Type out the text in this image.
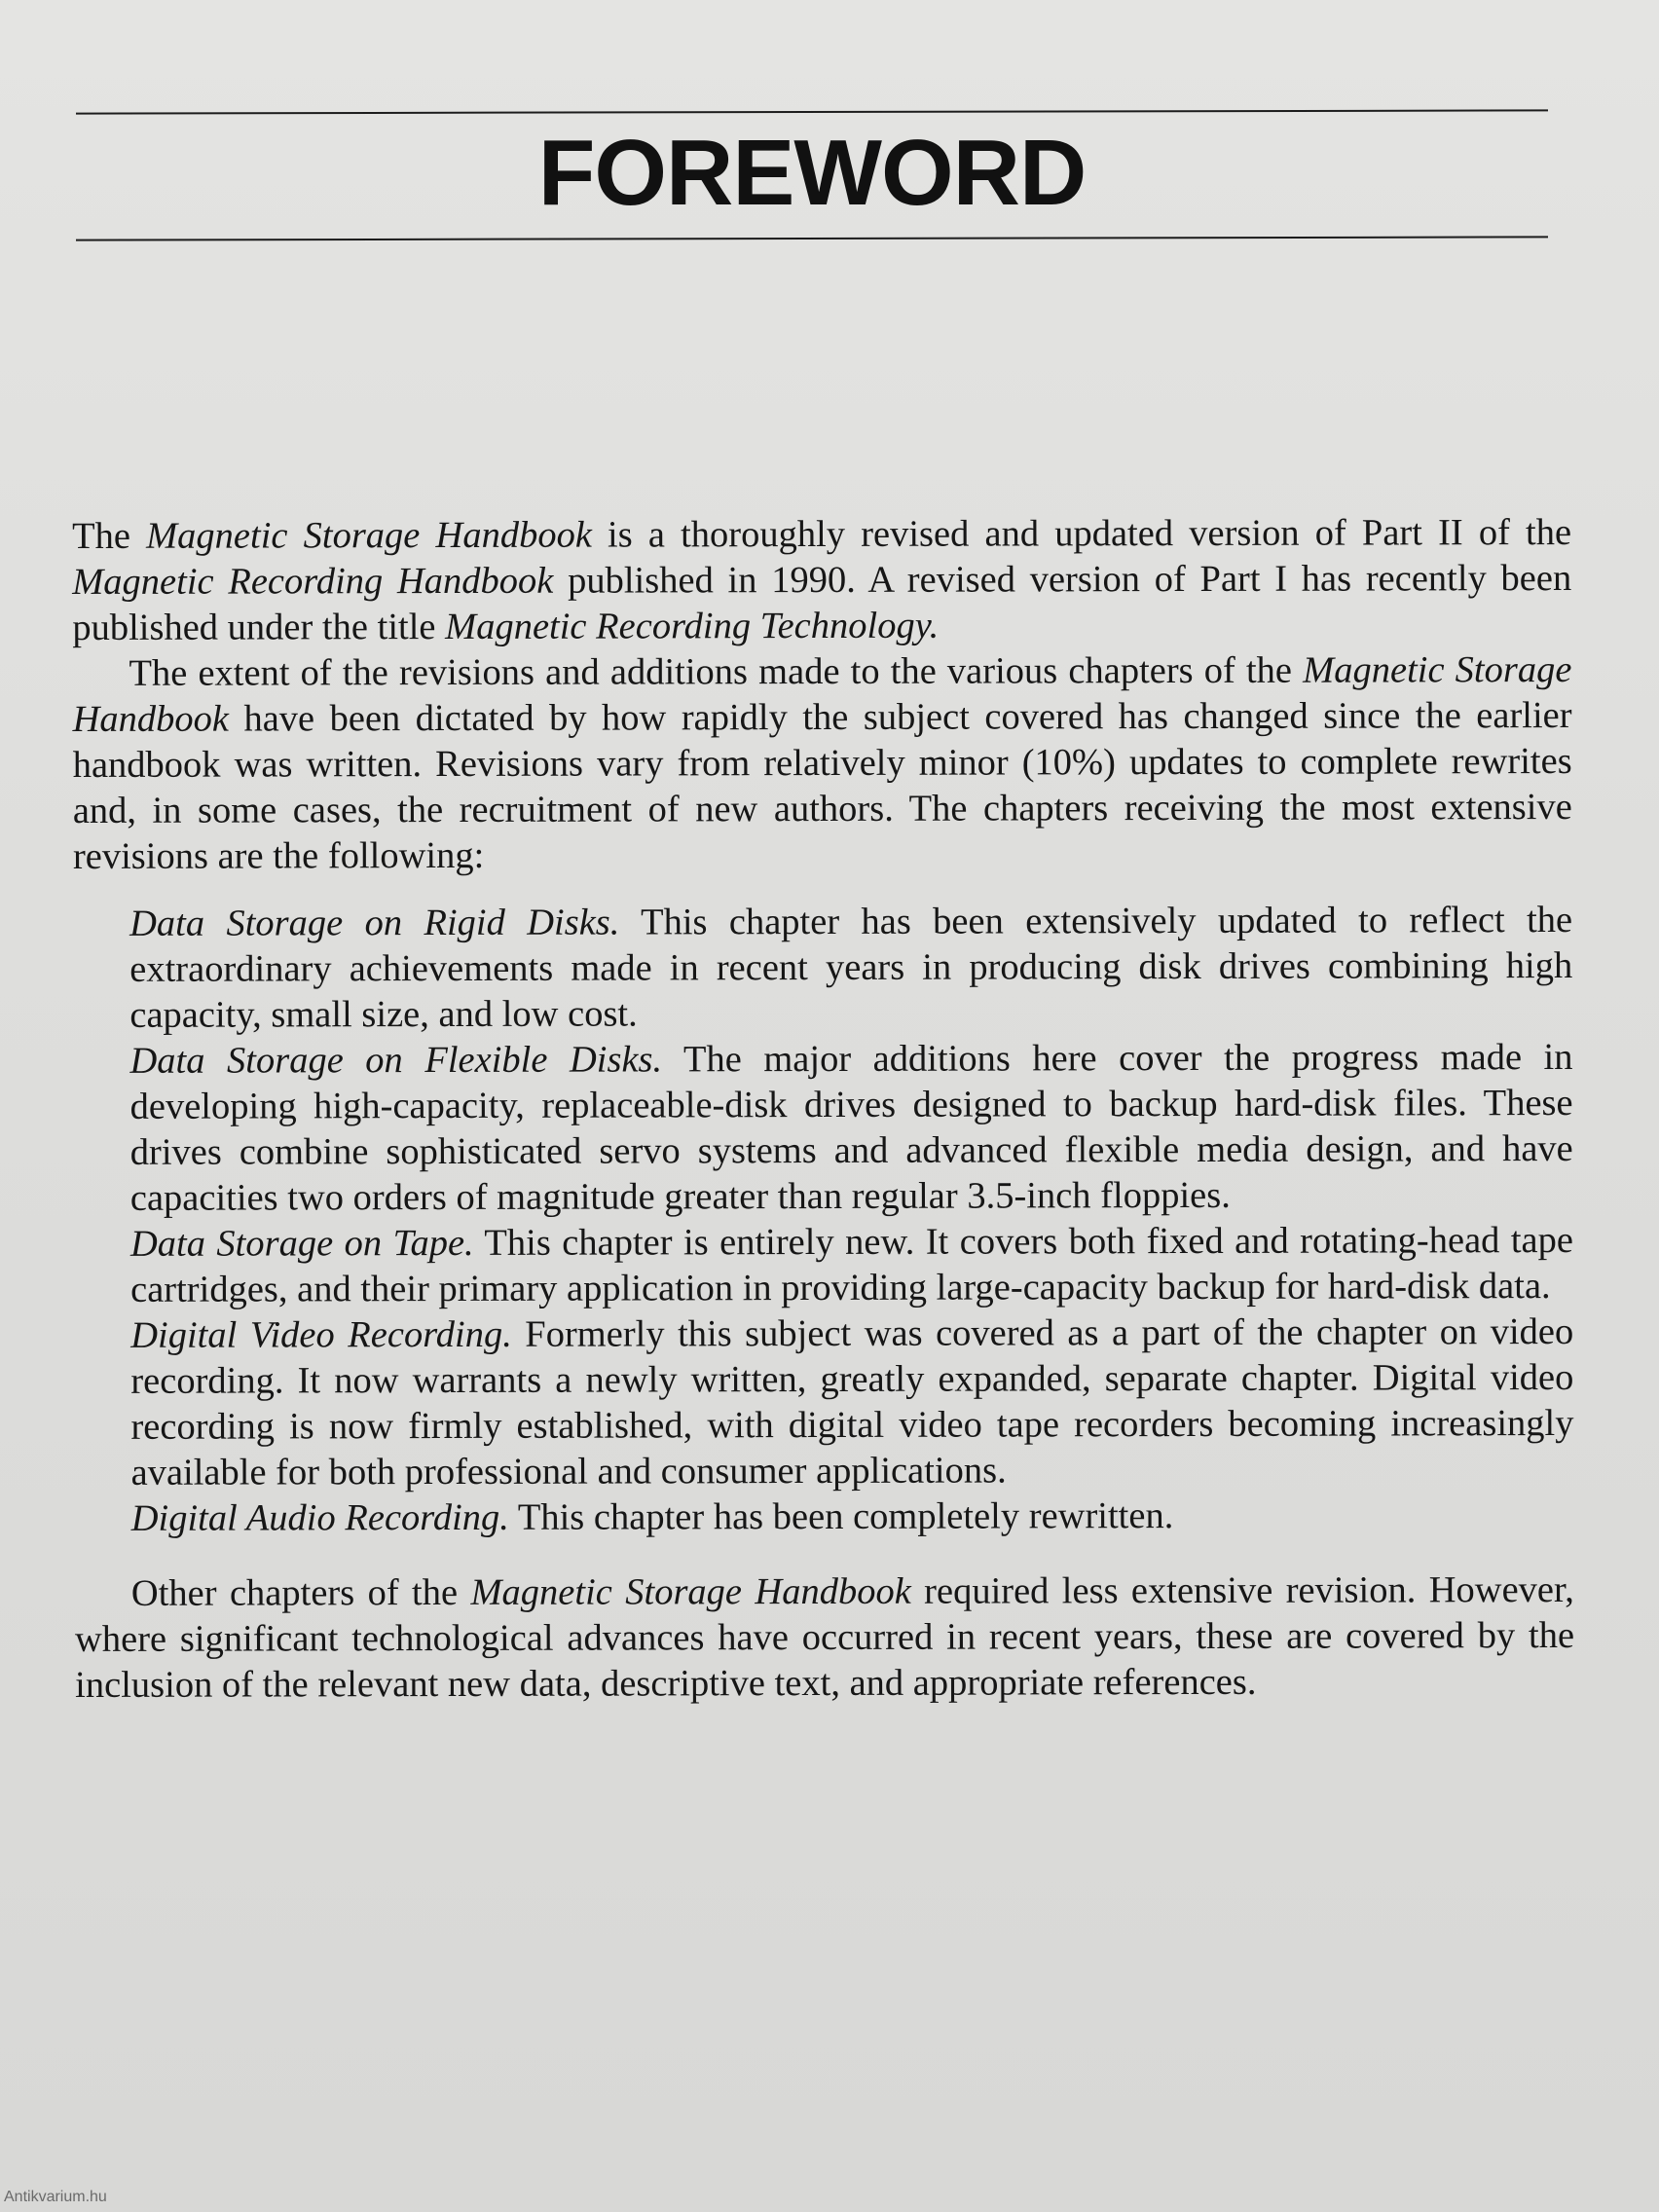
FOREWORD

The Magnetic Storage Handbook is a thoroughly revised and updated version of Part II of the Magnetic Recording Handbook published in 1990. A revised version of Part I has recently been published under the title Magnetic Recording Technology.

The extent of the revisions and additions made to the various chapters of the Magnetic Storage Handbook have been dictated by how rapidly the subject covered has changed since the earlier handbook was written. Revisions vary from relatively minor (10%) updates to complete rewrites and, in some cases, the recruitment of new authors. The chapters receiving the most extensive revisions are the following:

Data Storage on Rigid Disks. This chapter has been extensively updated to reflect the extraordinary achievements made in recent years in producing disk drives combining high capacity, small size, and low cost.

Data Storage on Flexible Disks. The major additions here cover the progress made in developing high-capacity, replaceable-disk drives designed to backup hard-disk files. These drives combine sophisticated servo systems and advanced flexible media design, and have capacities two orders of magnitude greater than regular 3.5-inch floppies.

Data Storage on Tape. This chapter is entirely new. It covers both fixed and rotating-head tape cartridges, and their primary application in providing large-capacity backup for hard-disk data.

Digital Video Recording. Formerly this subject was covered as a part of the chapter on video recording. It now warrants a newly written, greatly expanded, separate chapter. Digital video recording is now firmly established, with digital video tape recorders becoming increasingly available for both professional and consumer applications.

Digital Audio Recording. This chapter has been completely rewritten.

Other chapters of the Magnetic Storage Handbook required less extensive revision. However, where significant technological advances have occurred in recent years, these are covered by the inclusion of the relevant new data, descriptive text, and appropriate references.

Antikvarium.hu
